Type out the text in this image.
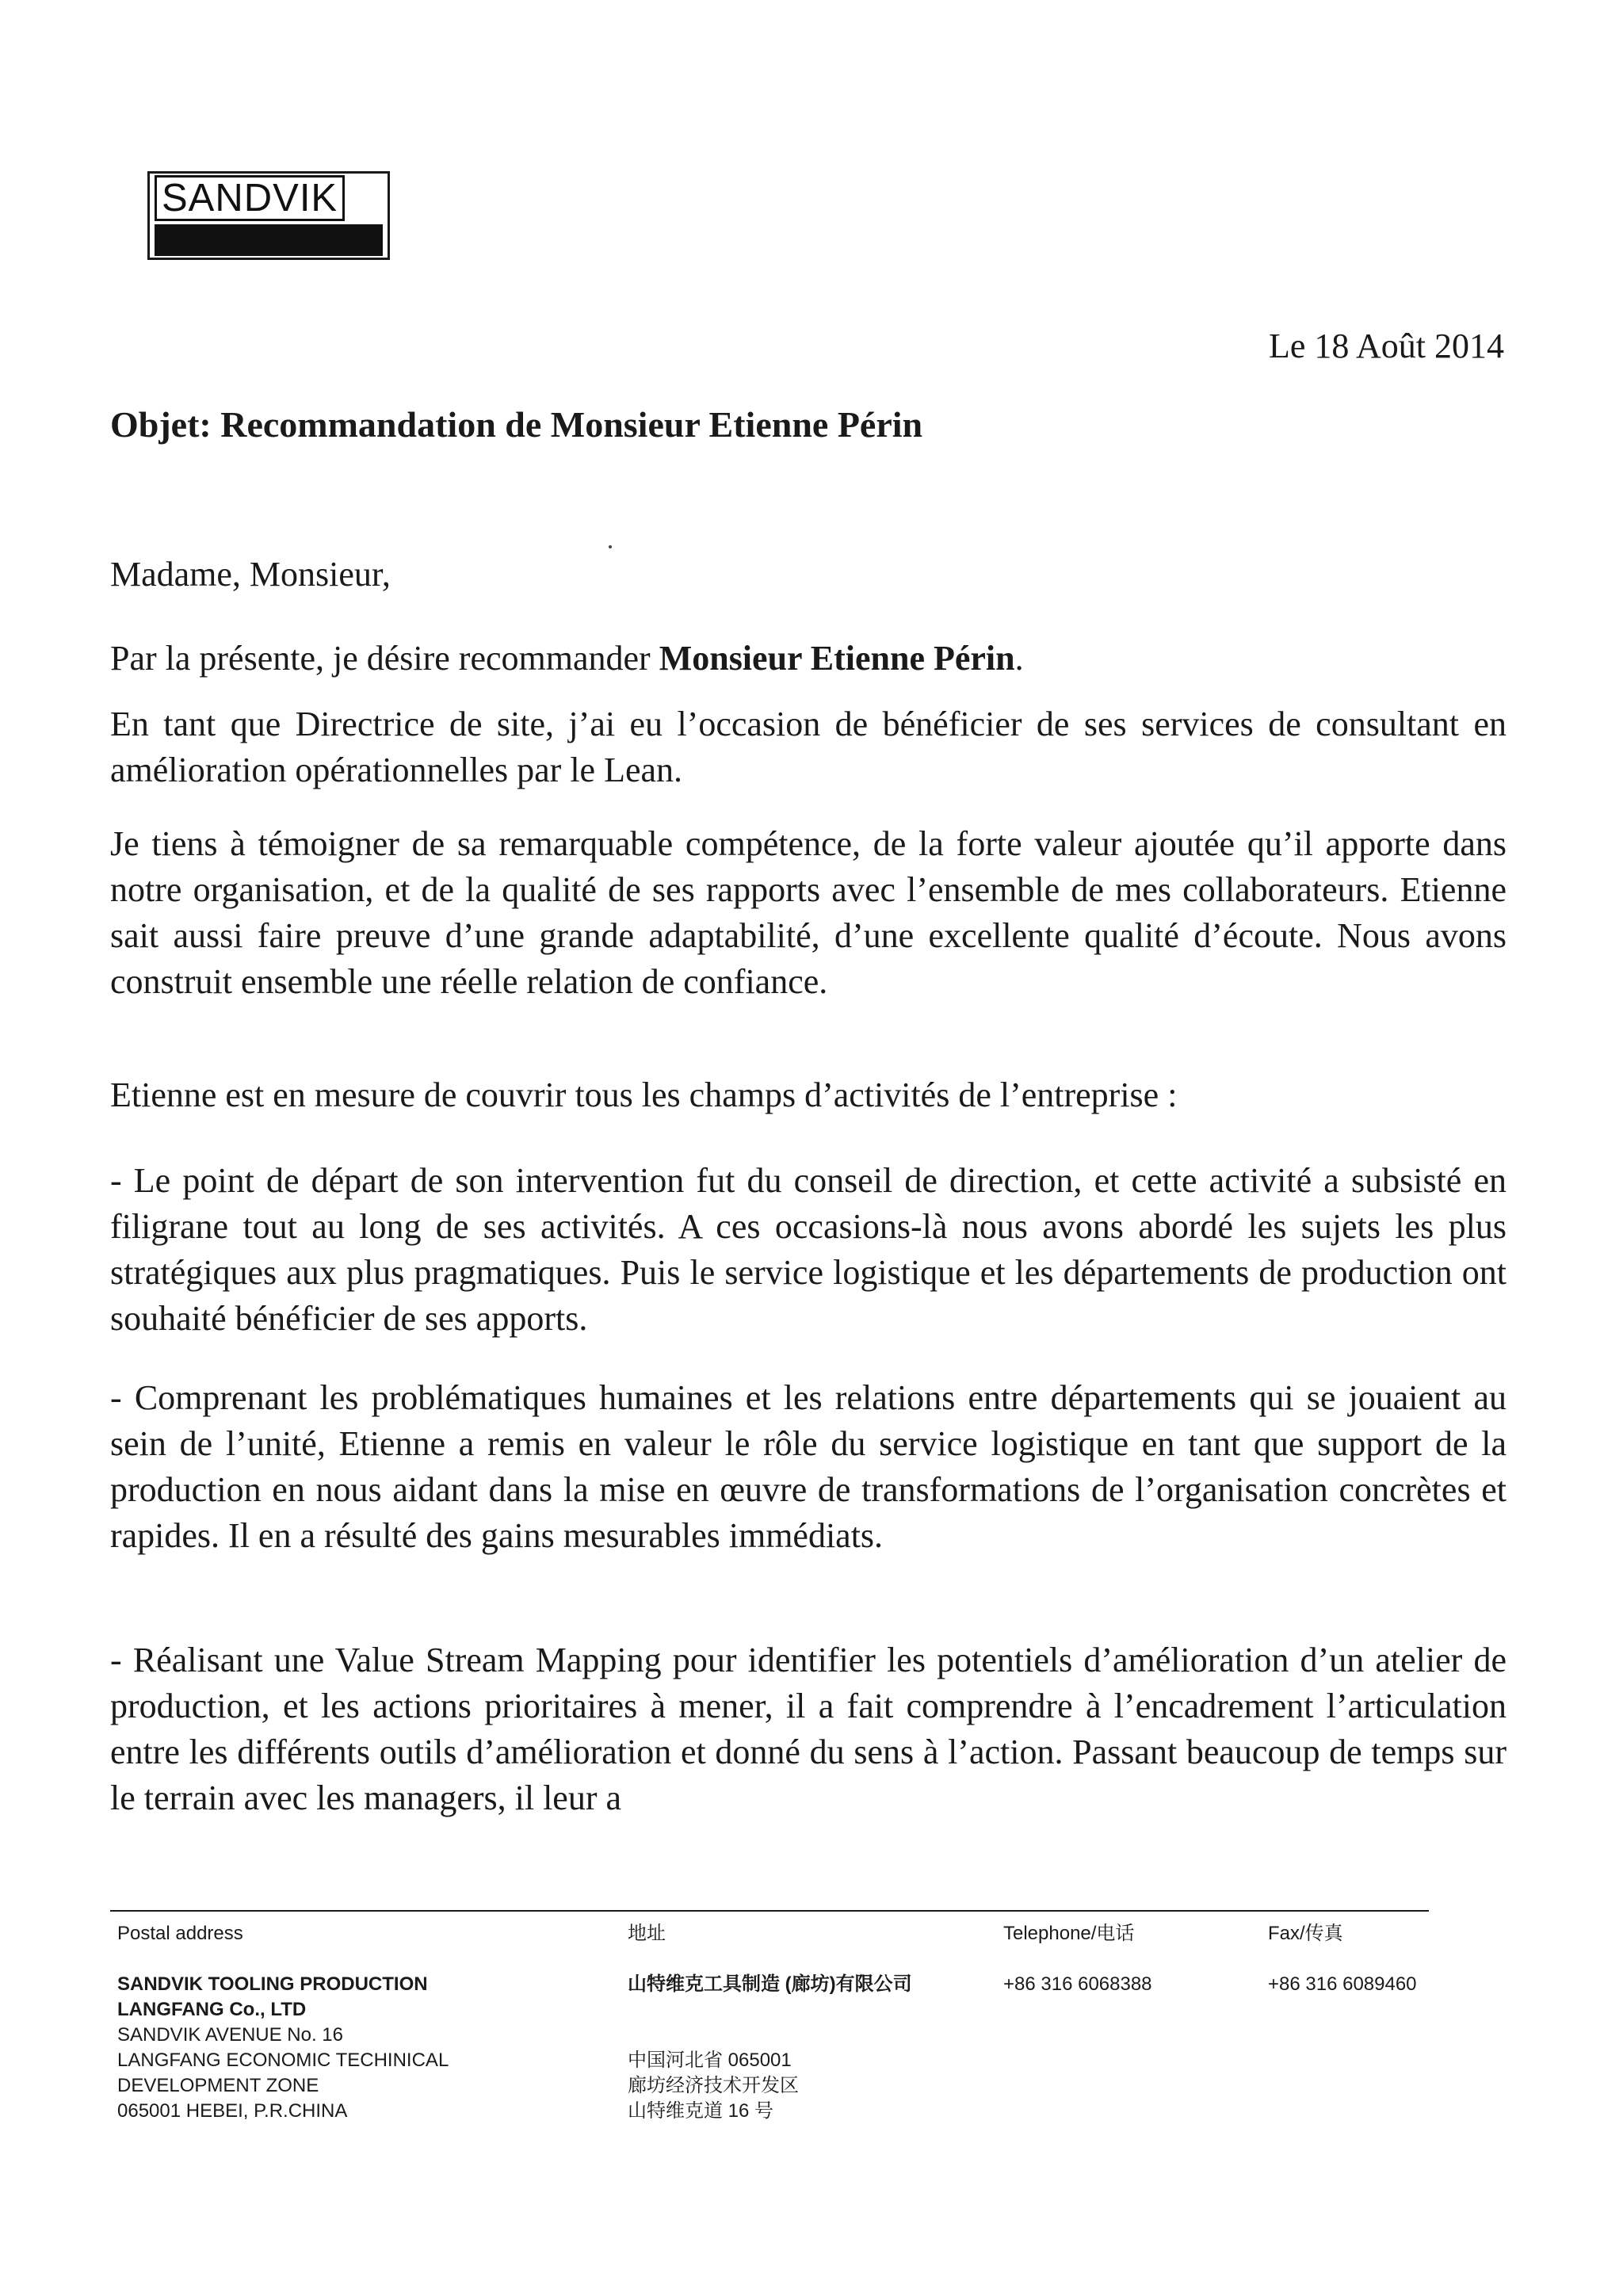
SANDVIK
Le 18 Août 2014
Objet: Recommandation de Monsieur Etienne Périn
Madame, Monsieur,
Par la présente, je désire recommander Monsieur Etienne Périn.
En tant que Directrice de site, j’ai eu l’occasion de bénéficier de ses services de consultant en amélioration opérationnelles par le Lean.
Je tiens à témoigner de sa remarquable compétence, de la forte valeur ajoutée qu’il apporte dans notre organisation, et de la qualité de ses rapports avec l’ensemble de mes collaborateurs. Etienne sait aussi faire preuve d’une grande adaptabilité, d’une excellente qualité d’écoute. Nous avons construit ensemble une réelle relation de confiance.
Etienne est en mesure de couvrir tous les champs d’activités de l’entreprise :
- Le point de départ de son intervention fut du conseil de direction, et cette activité a subsisté en filigrane tout au long de ses activités. A ces occasions-là nous avons abordé les sujets les plus stratégiques aux plus pragmatiques. Puis le service logistique et les départements de production ont souhaité bénéficier de ses apports.
- Comprenant les problématiques humaines et les relations entre départements qui se jouaient au sein de l’unité, Etienne a remis en valeur le rôle du service logistique en tant que support de la production en nous aidant dans la mise en œuvre de transformations de l’organisation concrètes et rapides. Il en a résulté des gains mesurables immédiats.
- Réalisant une Value Stream Mapping pour identifier les potentiels d’amélioration d’un atelier de production, et les actions prioritaires à mener, il a fait comprendre à l’encadrement l’articulation entre les différents outils d’amélioration et donné du sens à l’action. Passant beaucoup de temps sur le terrain avec les managers, il leur a
Postal address
SANDVIK TOOLING PRODUCTION
LANGFANG Co., LTD
SANDVIK AVENUE No. 16
LANGFANG ECONOMIC TECHINICAL
DEVELOPMENT ZONE
065001 HEBEI, P.R.CHINA
地址
山特维克工具制造 (廊坊)有限公司
中国河北省 065001
廊坊经济技术开发区
山特维克道 16 号
Telephone/电话
+86 316 6068388
Fax/传真
+86 316 6089460
